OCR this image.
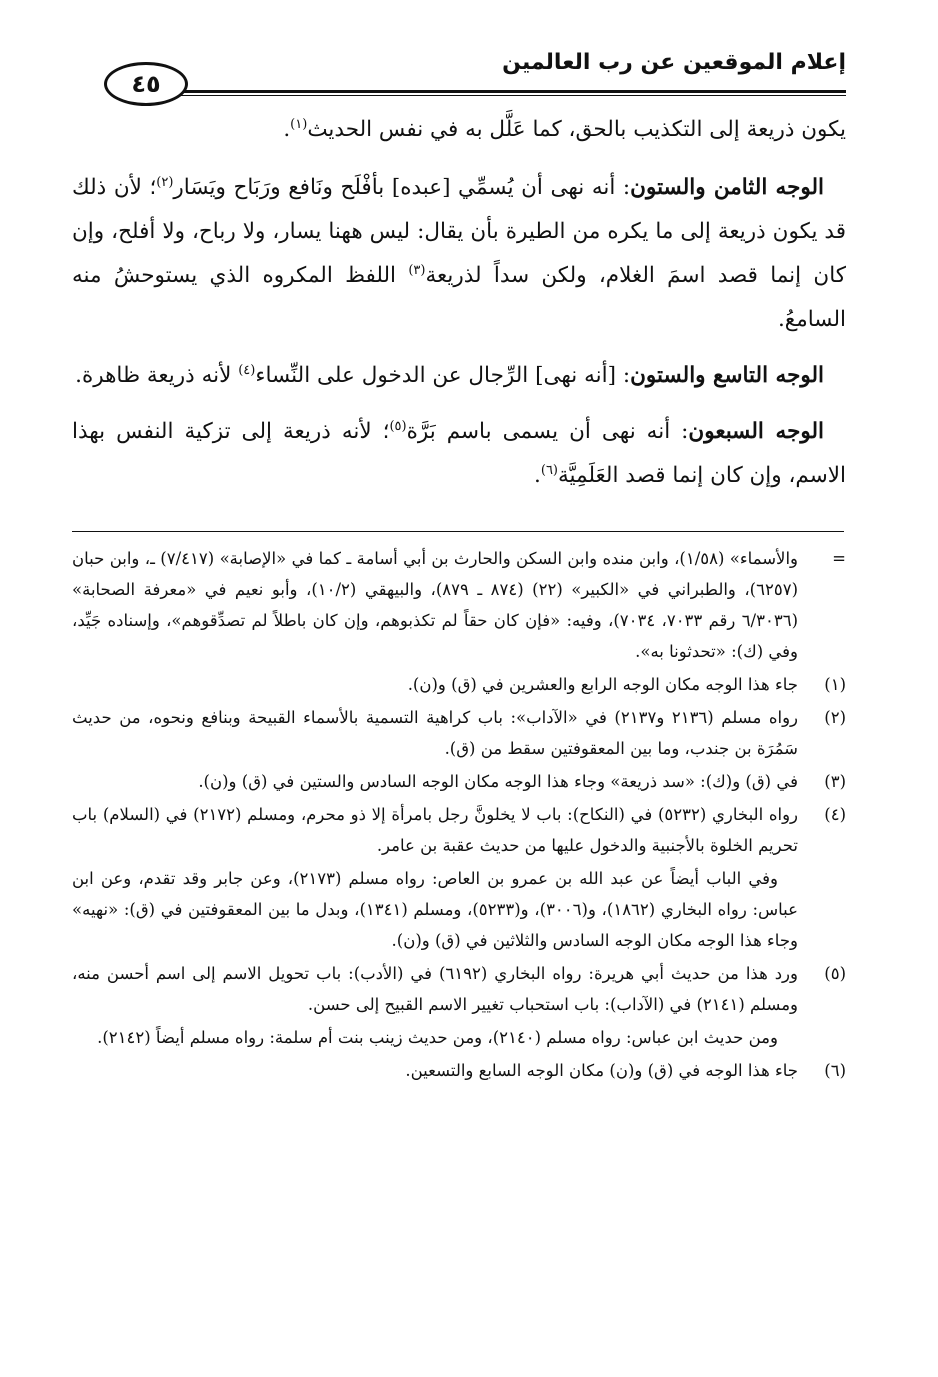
إعلام الموقعين عن رب العالمين
٤٥

يكون ذريعة إلى التكذيب بالحق، كما عَلَّل به في نفس الحديث$^{(١)}$.

الوجه الثامن والستون: أنه نهى أن يُسمِّي [عبده] بأفْلَح ونَافع ورَبَاح ويَسَار$^{(٢)}$؛ لأن ذلك قد يكون ذريعة إلى ما يكره من الطيرة بأن يقال: ليس ههنا يسار، ولا رباح، ولا أفلح، وإن كان إنما قصد اسمَ الغلام، ولكن سداً لذريعة$^{(٣)}$ اللفظ المكروه الذي يستوحشُ منه السامعُ.

الوجه التاسع والستون: [أنه نهى] الرِّجال عن الدخول على النِّساء$^{(٤)}$ لأنه ذريعة ظاهرة.

الوجه السبعون: أنه نهى أن يسمى باسم بَرَّة$^{(٥)}$؛ لأنه ذريعة إلى تزكية النفس بهذا الاسم، وإن كان إنما قصد العَلَمِيَّة$^{(٦)}$.

=
والأسماء» (١/٥٨)، وابن منده وابن السكن والحارث بن أبي أسامة ـ كما في «الإصابة» (٧/٤١٧) ـ، وابن حبان (٦٢٥٧)، والطبراني في «الكبير» (٢٢) (٨٧٤ ـ ٨٧٩)، والبيهقي (١٠/٢)، وأبو نعيم في «معرفة الصحابة» (٦/٣٠٣٦ رقم ٧٠٣٣، ٧٠٣٤)، وفيه: «فإن كان حقاً لم تكذبوهم، وإن كان باطلاً لم تصدِّقوهم»، وإسناده جَيِّد، وفي (ك): «تحدثونا به».
(١)
جاء هذا الوجه مكان الوجه الرابع والعشرين في (ق) و(ن).
(٢)
رواه مسلم (٢١٣٦ و٢١٣٧) في «الآداب»: باب كراهية التسمية بالأسماء القبيحة وبنافع ونحوه، من حديث سَمُرَة بن جندب، وما بين المعقوفتين سقط من (ق).
(٣)
في (ق) و(ك): «سد ذريعة» وجاء هذا الوجه مكان الوجه السادس والستين في (ق) و(ن).
(٤)
رواه البخاري (٥٢٣٢) في (النكاح): باب لا يخلونَّ رجل بامرأة إلا ذو محرم، ومسلم (٢١٧٢) في (السلام) باب تحريم الخلوة بالأجنبية والدخول عليها من حديث عقبة بن عامر.
وفي الباب أيضاً عن عبد الله بن عمرو بن العاص: رواه مسلم (٢١٧٣)، وعن جابر وقد تقدم، وعن ابن عباس: رواه البخاري (١٨٦٢)، و(٣٠٠٦)، و(٥٢٣٣)، ومسلم (١٣٤١)، وبدل ما بين المعقوفتين في (ق): «نهيه» وجاء هذا الوجه مكان الوجه السادس والثلاثين في (ق) و(ن).
(٥)
ورد هذا من حديث أبي هريرة: رواه البخاري (٦١٩٢) في (الأدب): باب تحويل الاسم إلى اسم أحسن منه، ومسلم (٢١٤١) في (الآداب): باب استحباب تغيير الاسم القبيح إلى حسن.
ومن حديث ابن عباس: رواه مسلم (٢١٤٠)، ومن حديث زينب بنت أم سلمة: رواه مسلم أيضاً (٢١٤٢).
(٦)
جاء هذا الوجه في (ق) و(ن) مكان الوجه السابع والتسعين.
